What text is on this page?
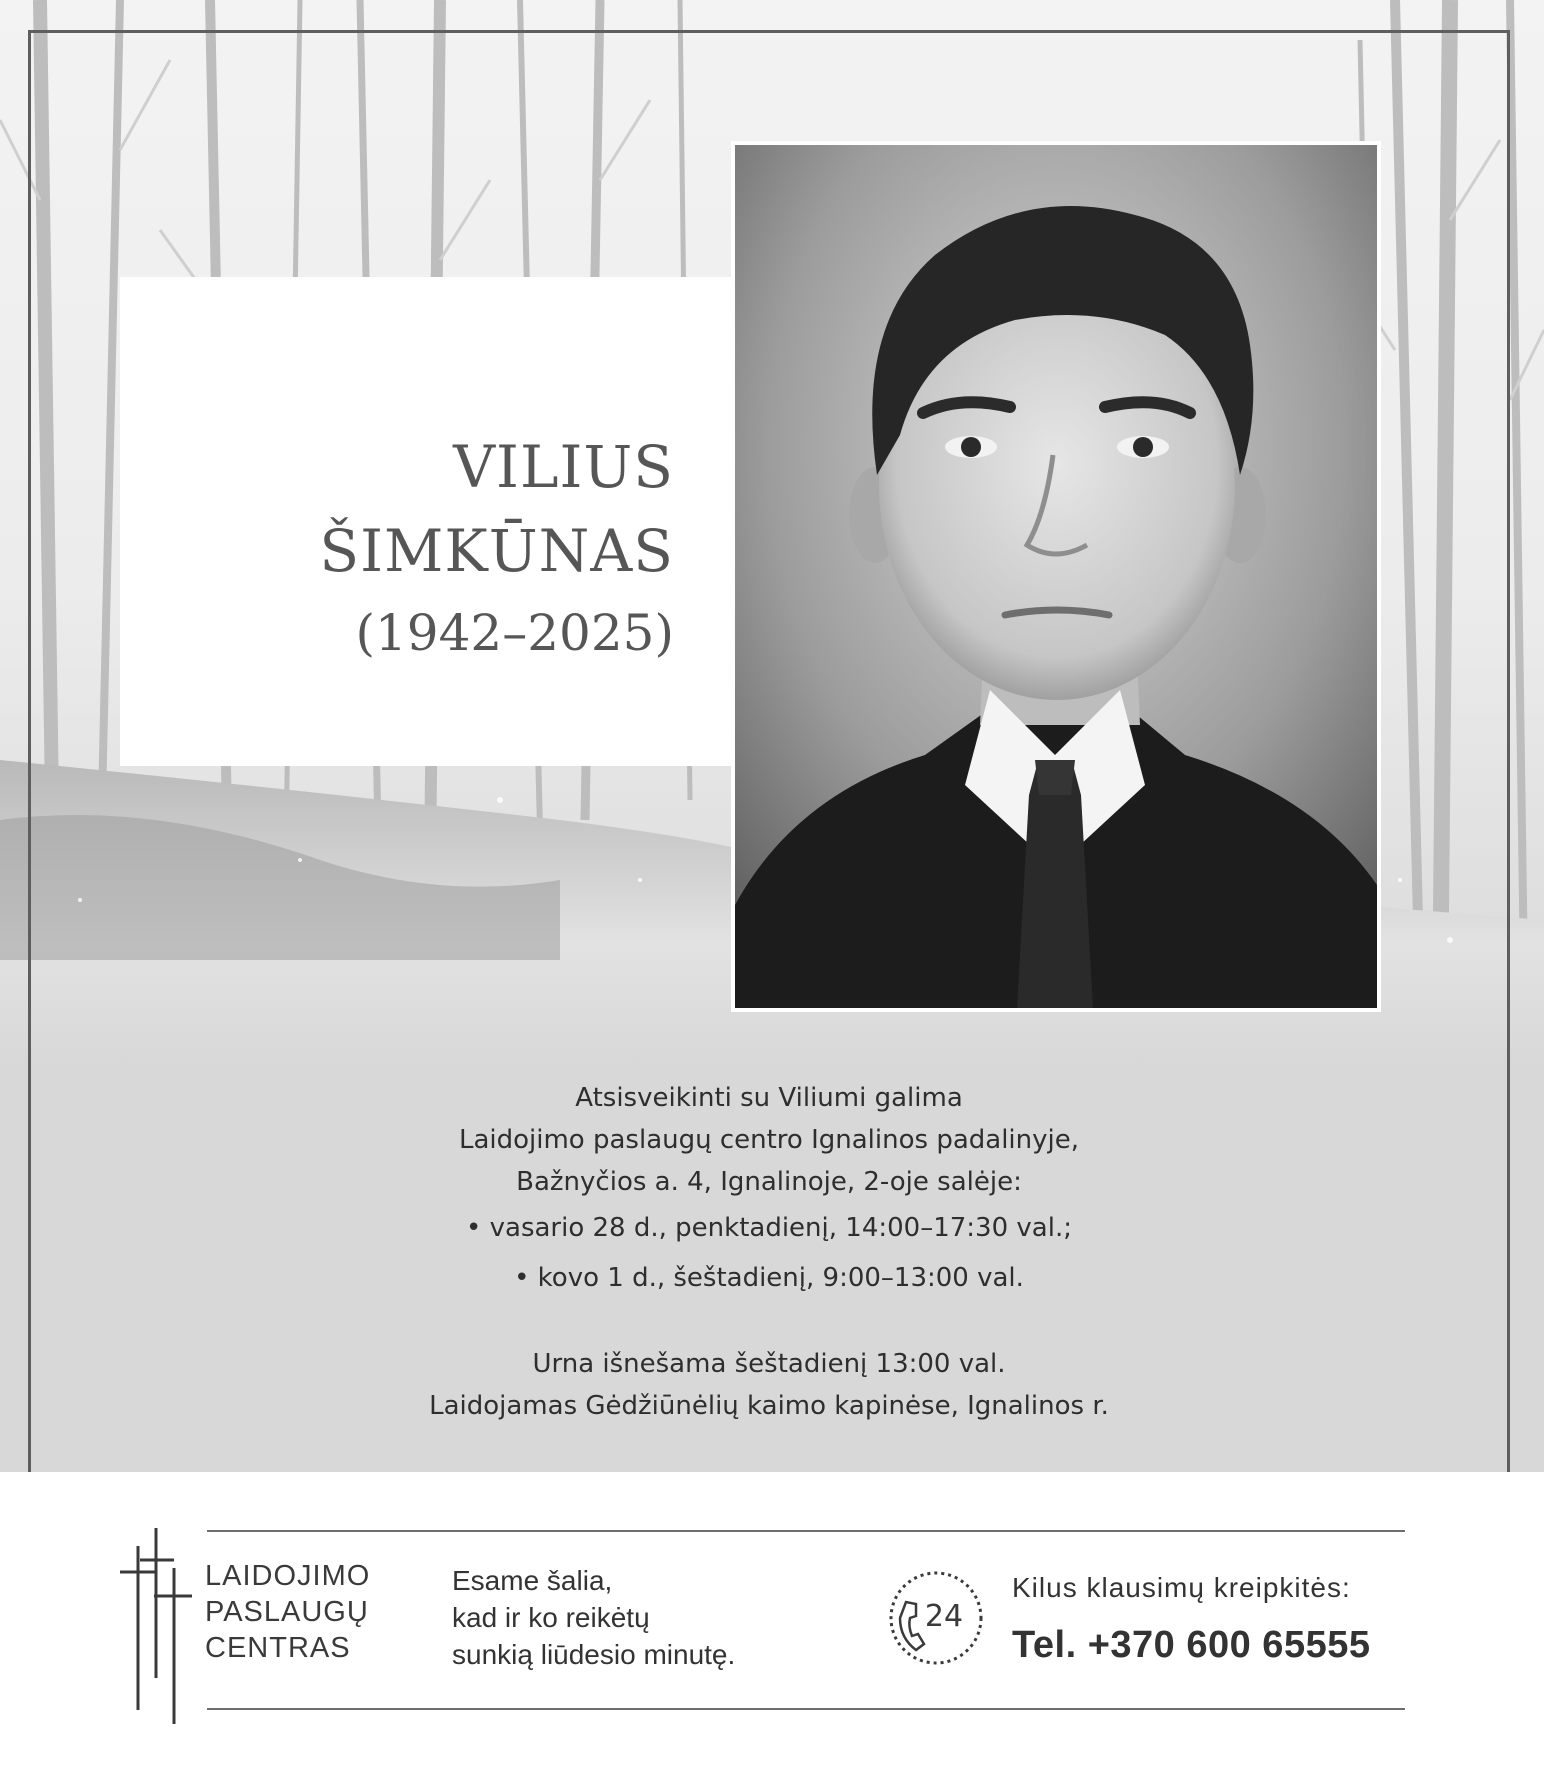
VILIUS
ŠIMKŪNAS
(1942–2025)
Atsisveikinti su Viliumi galima
Laidojimo paslaugų centro Ignalinos padalinyje,
Bažnyčios a. 4, Ignalinoje, 2-oje salėje:
• vasario 28 d., penktadienį, 14:00–17:30 val.;
• kovo 1 d., šeštadienį, 9:00–13:00 val.
Urna išnešama šeštadienį 13:00 val.
Laidojamas Gėdžiūnėlių kaimo kapinėse, Ignalinos r.
LAIDOJIMO
PASLAUGŲ
CENTRAS
Esame šalia,
kad ir ko reikėtų
sunkią liūdesio minutę.
24
Kilus klausimų kreipkitės:
Tel. +370 600 65555
